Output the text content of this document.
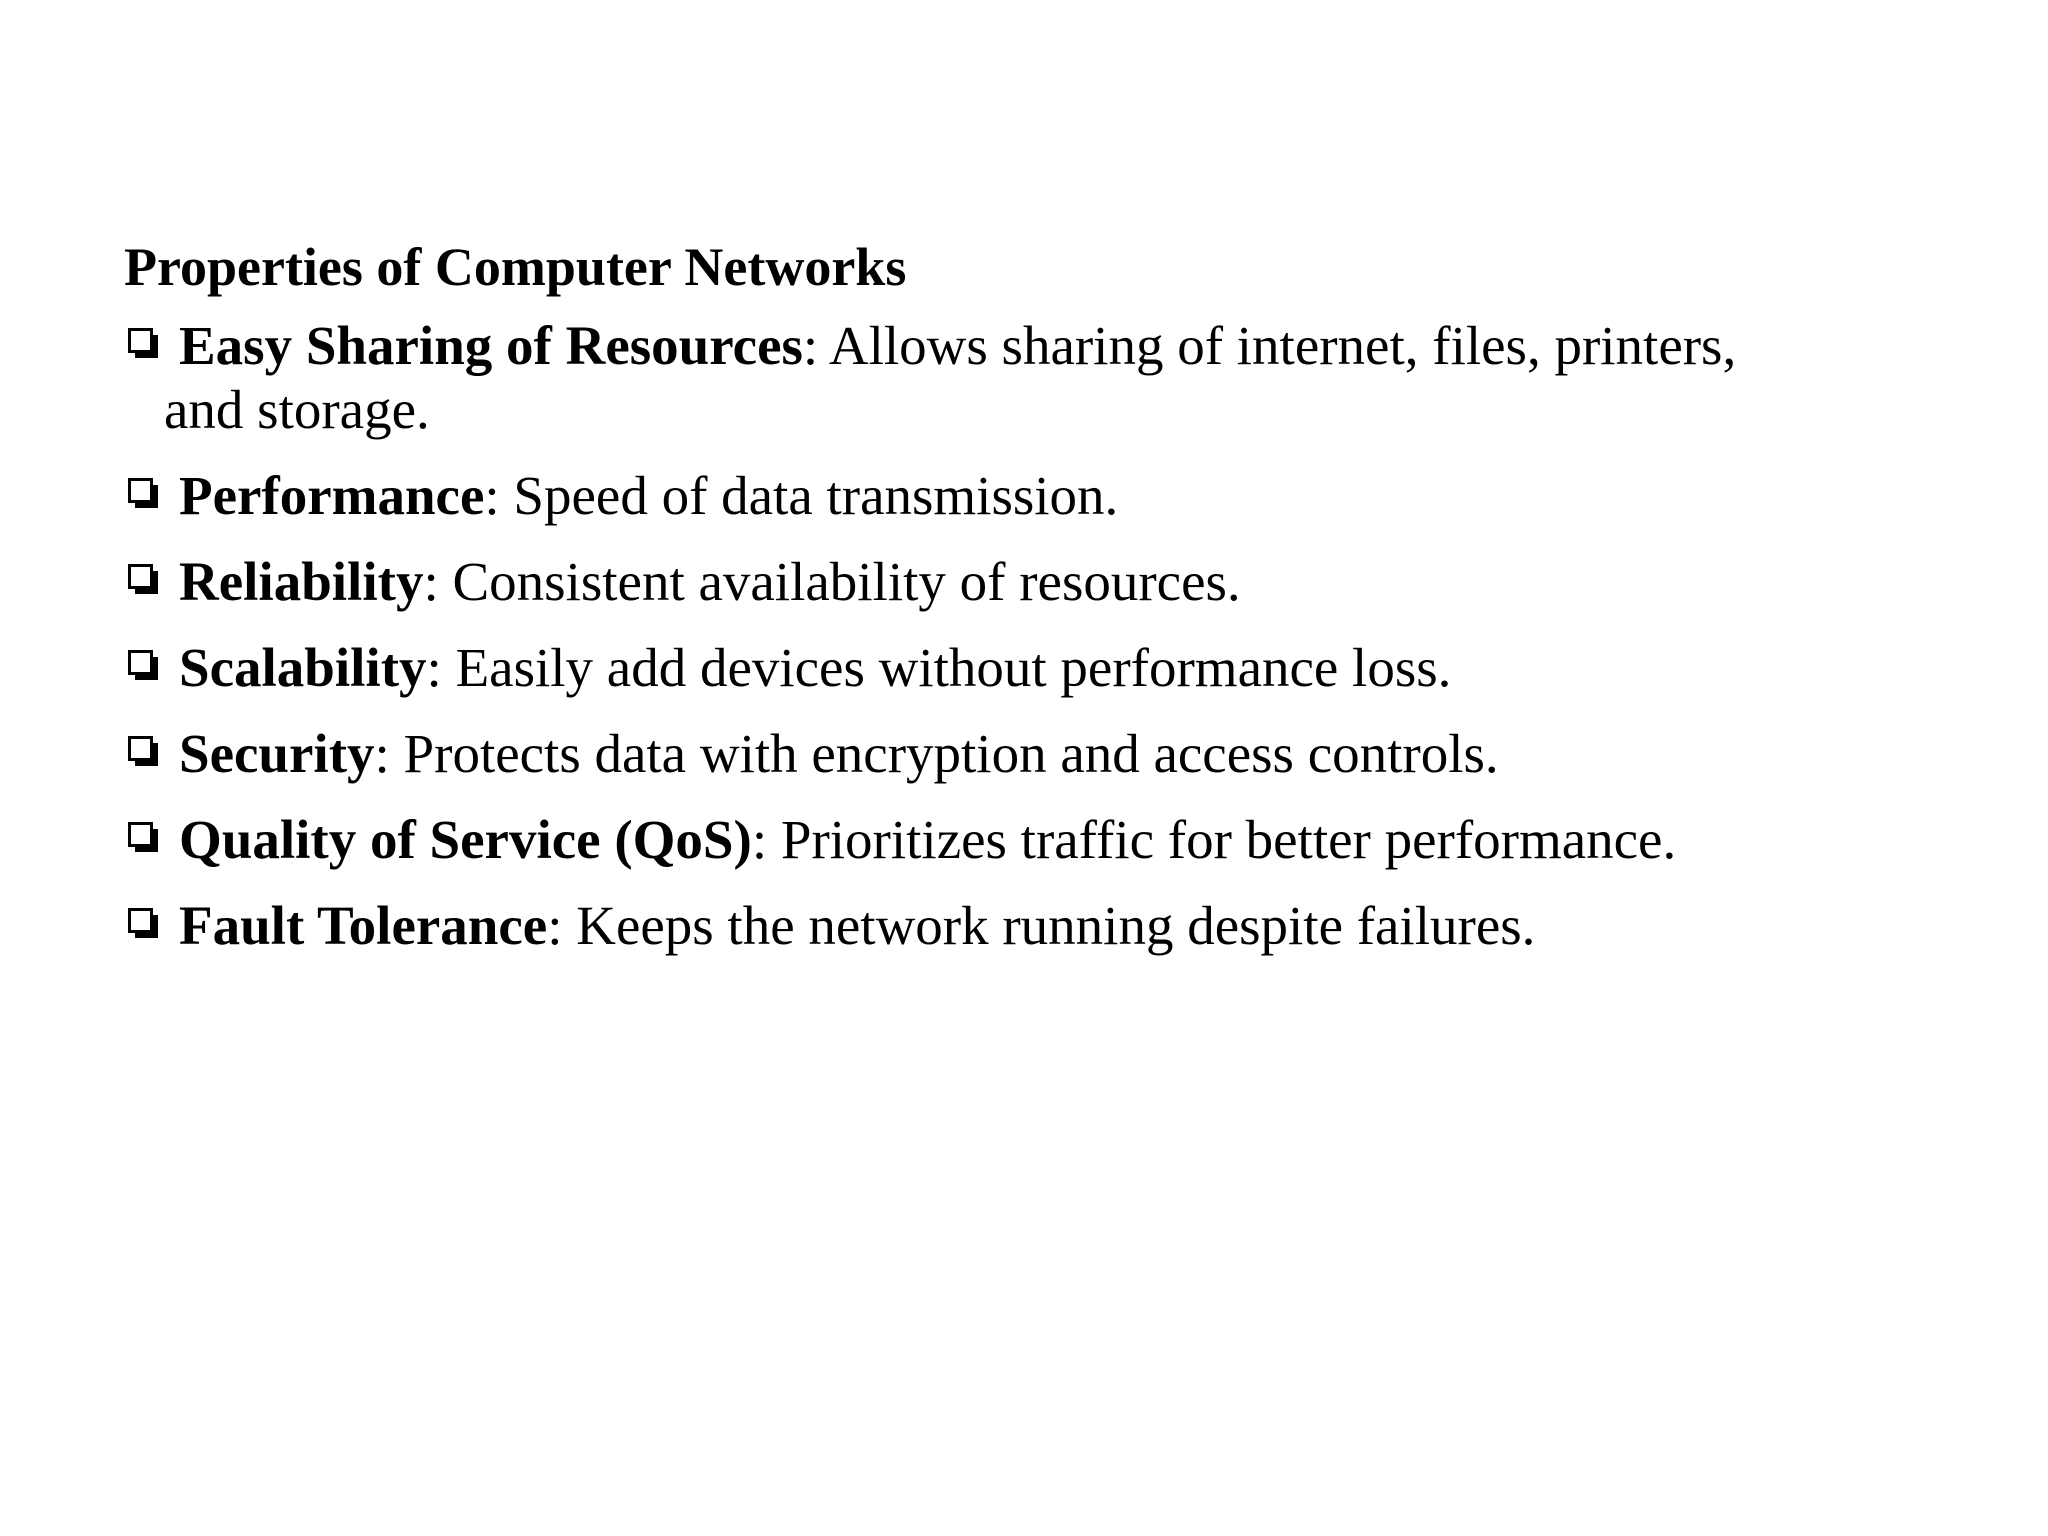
Properties of Computer Networks
Easy Sharing of Resources: Allows sharing of internet, files, printers,
and storage.
Performance: Speed of data transmission.
Reliability: Consistent availability of resources.
Scalability: Easily add devices without performance loss.
Security: Protects data with encryption and access controls.
Quality of Service (QoS): Prioritizes traffic for better performance.
Fault Tolerance: Keeps the network running despite failures.
